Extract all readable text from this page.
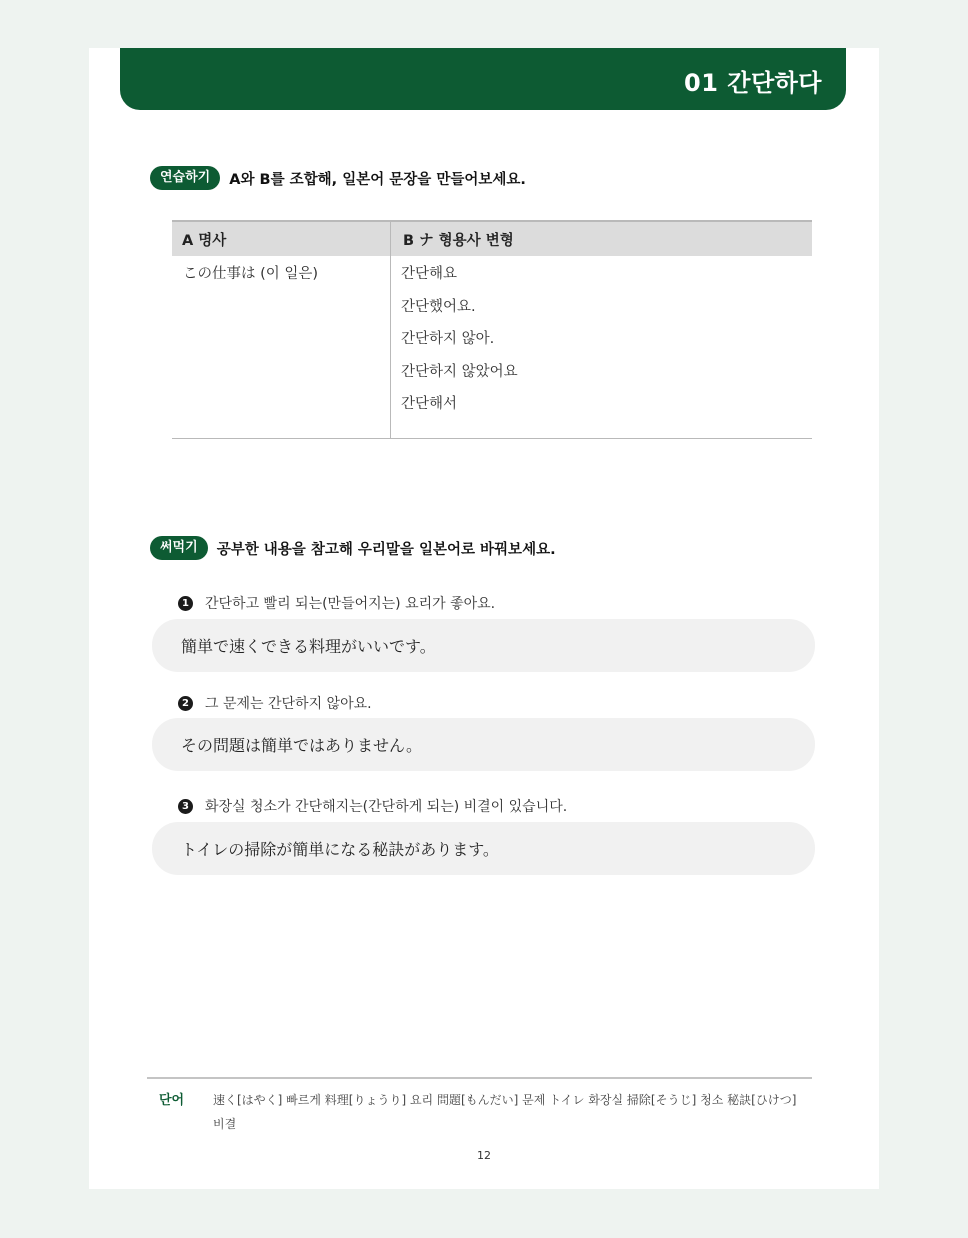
01 간단하다
연습하기	A와 B를 조합해, 일본어 문장을 만들어보세요.
A 명사	B ナ 형용사 변형
この仕事は (이 일은)	간단해요
간단했어요.
간단하지 않아.
간단하지 않았어요
간단해서
써먹기	공부한 내용을 참고해 우리말을 일본어로 바꿔보세요.
1 간단하고 빨리 되는(만들어지는) 요리가 좋아요.
簡単で速くできる料理がいいです。
2 그 문제는 간단하지 않아요.
その問題は簡単ではありません。
3 화장실 청소가 간단해지는(간단하게 되는) 비결이 있습니다.
トイレの掃除が簡単になる秘訣があります。
단어 速く[はやく] 빠르게 料理[りょうり] 요리 問題[もんだい] 문제 トイレ 화장실 掃除[そうじ] 청소 秘訣[ひけつ] 비결
12
